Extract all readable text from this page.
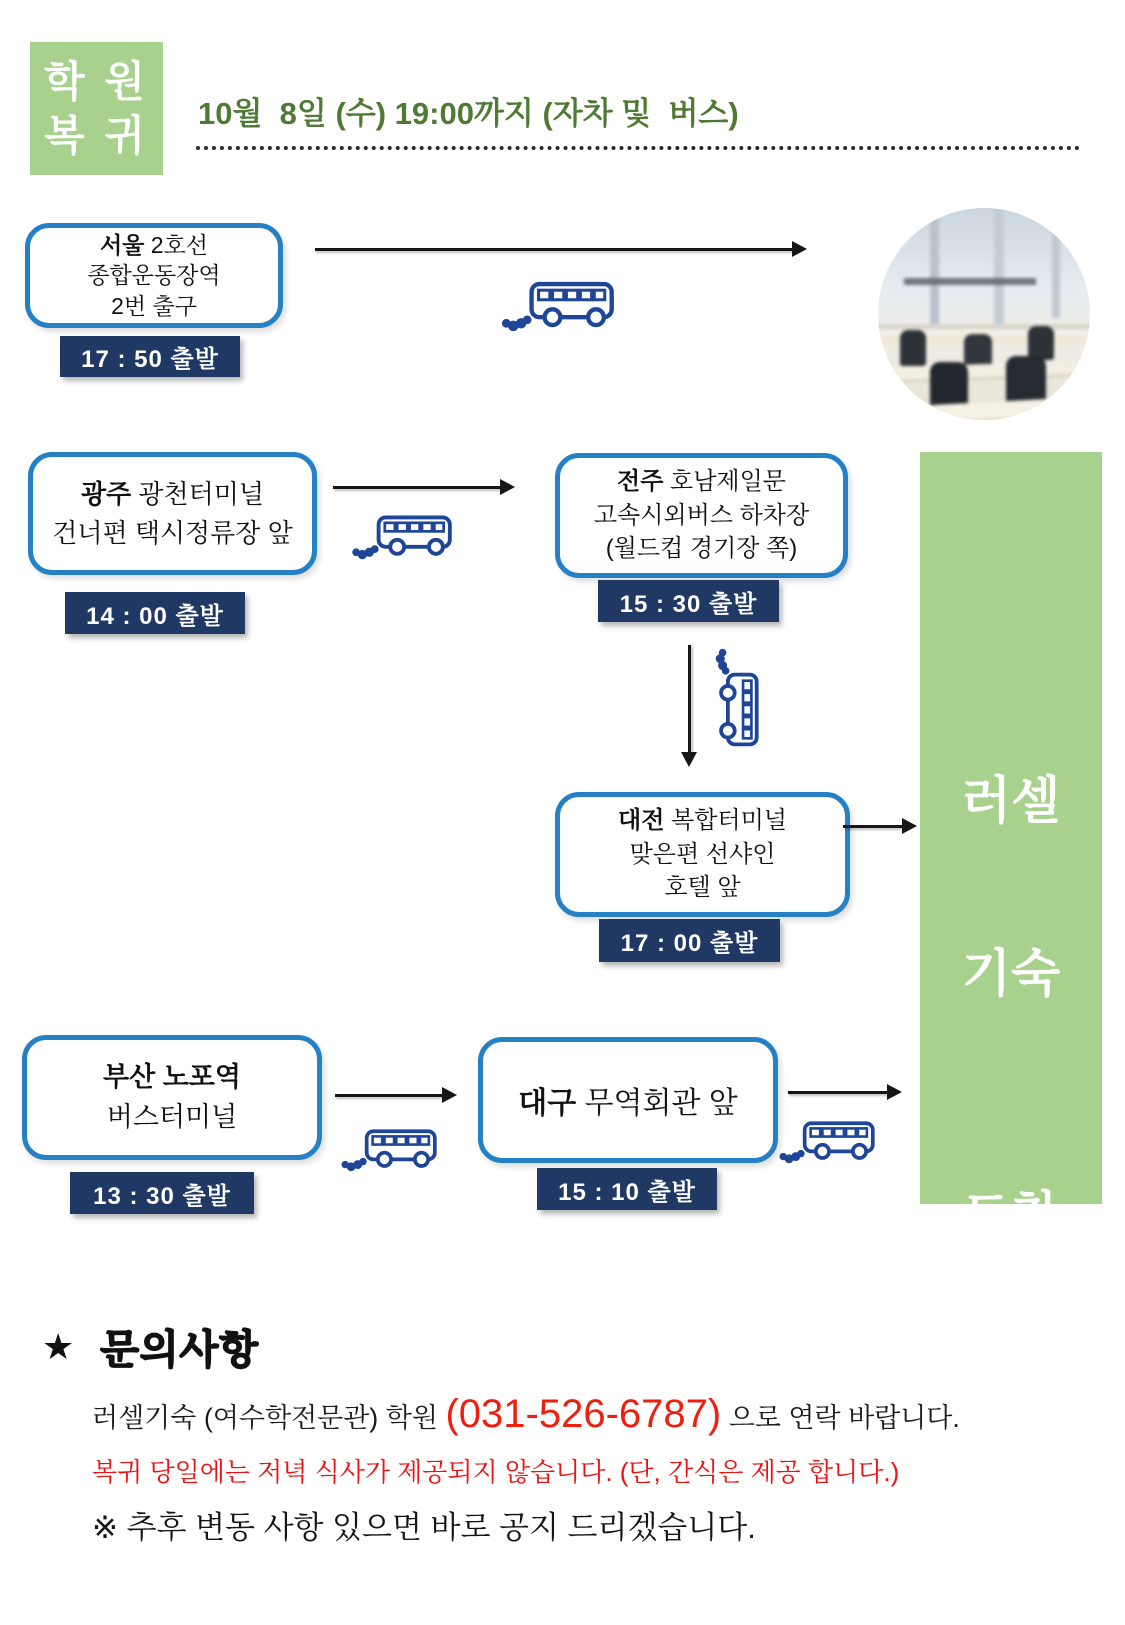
학 원
복 귀 10월  8일 (수) 19:00까지 (자차 및  버스)
서울 2호선
종합운동장역
2번 출구
17 : 50 출발
광주 광천터미널
건너편 택시정류장 앞
14 : 00 출발
전주 호남제일문
고속시외버스 하차장
(월드컵 경기장 쪽)
15 : 30 출발
대전 복합터미널
맞은편 선샤인
호텔 앞
17 : 00 출발
부산 노포역
버스터미널
13 : 30 출발
대구 무역회관 앞
15 : 10 출발

러셀

기숙

도착
(19:00)
★ 문의사항
러셀기숙 (여수학전문관) 학원 (031-526-6787) 으로 연락 바랍니다.
복귀 당일에는 저녁 식사가 제공되지 않습니다. (단, 간식은 제공 합니다.)
※ 추후 변동 사항 있으면 바로 공지 드리겠습니다.
